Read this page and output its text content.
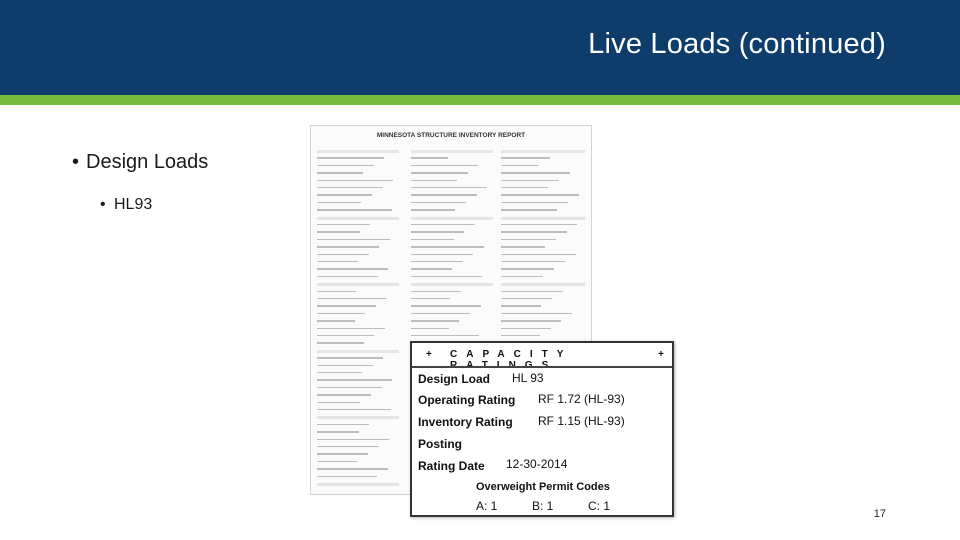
Live Loads (continued)
• Design Loads
• HL93
MINNESOTA STRUCTURE INVENTORY REPORT
+ CAPACITY	+
Design Load HL 93
Operating Rating RF 1.72 (HL-93)
Inventory Rating RF 1.15 (HL-93)
Posting
Rating Date 12-30-2014
Overweight Permit Codes
A: 1	B: 1	C: 1
17
